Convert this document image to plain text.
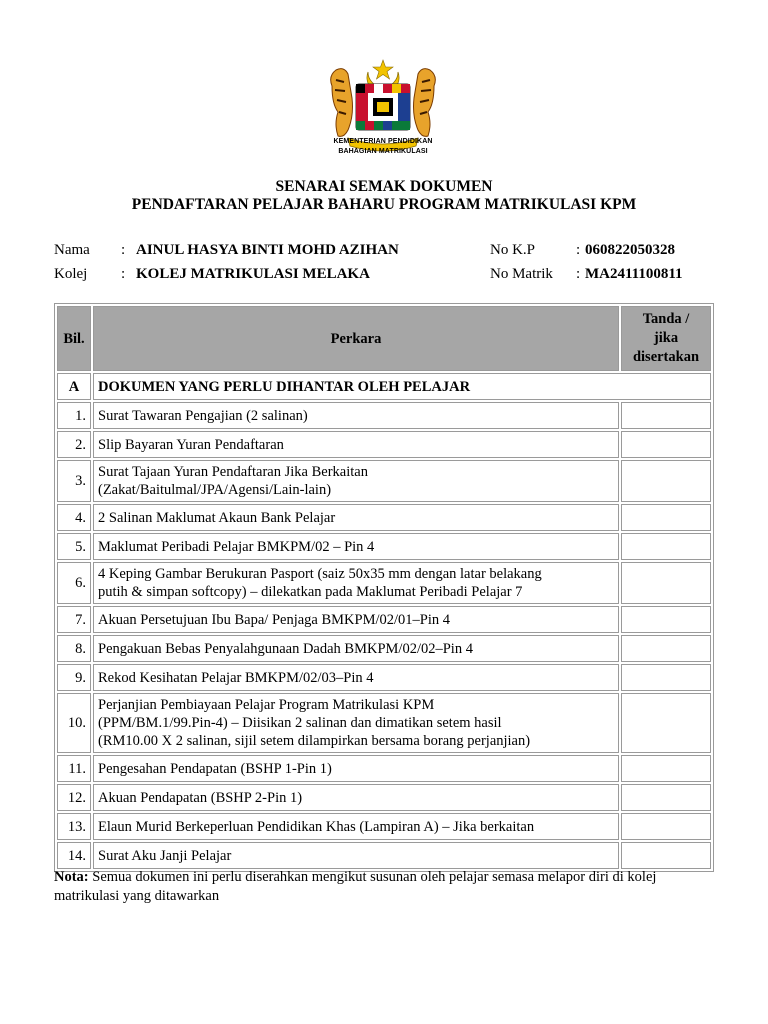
KEMENTERIAN PENDIDIKAN
BAHAGIAN MATRIKULASI
SENARAI SEMAK DOKUMEN
PENDAFTARAN PELAJAR BAHARU PROGRAM MATRIKULASI KPM
Nama : AINUL HASYA BINTI MOHD AZIHAN
Kolej : KOLEJ MATRIKULASI MELAKA
No K.P	: 060822050328
No Matrik : MA2411100811
Bil.	Perkara	Tanda /
jika
disertakan
A	DOKUMEN YANG PERLU DIHANTAR OLEH PELAJAR	
1.	Surat Tawaran Pengajian (2 salinan)	
2.	Slip Bayaran Yuran Pendaftaran	
3.	Surat Tajaan Yuran Pendaftaran Jika Berkaitan
(Zakat/Baitulmal/JPA/Agensi/Lain-lain)	
4.	2 Salinan Maklumat Akaun Bank Pelajar	
5.	Maklumat Peribadi Pelajar BMKPM/02 – Pin 4	
6.	4 Keping Gambar Berukuran Pasport (saiz 50x35 mm dengan latar belakang
putih & simpan softcopy) – dilekatkan pada Maklumat Peribadi Pelajar 7	
7.	Akuan Persetujuan Ibu Bapa/ Penjaga BMKPM/02/01–Pin 4	
8.	Pengakuan Bebas Penyalahgunaan Dadah BMKPM/02/02–Pin 4	
9.	Rekod Kesihatan Pelajar BMKPM/02/03–Pin 4	
10.	Perjanjian Pembiayaan Pelajar Program Matrikulasi KPM
(PPM/BM.1/99.Pin-4) – Diisikan 2 salinan dan dimatikan setem hasil
(RM10.00 X 2 salinan, sijil setem dilampirkan bersama borang perjanjian)	
11.	Pengesahan Pendapatan (BSHP 1-Pin 1)	
12.	Akuan Pendapatan (BSHP 2-Pin 1)	
13.	Elaun Murid Berkeperluan Pendidikan Khas (Lampiran A) – Jika berkaitan	
14.	Surat Aku Janji Pelajar	
Nota: Semua dokumen ini perlu diserahkan mengikut susunan oleh pelajar semasa melapor diri di kolej matrikulasi yang ditawarkan
